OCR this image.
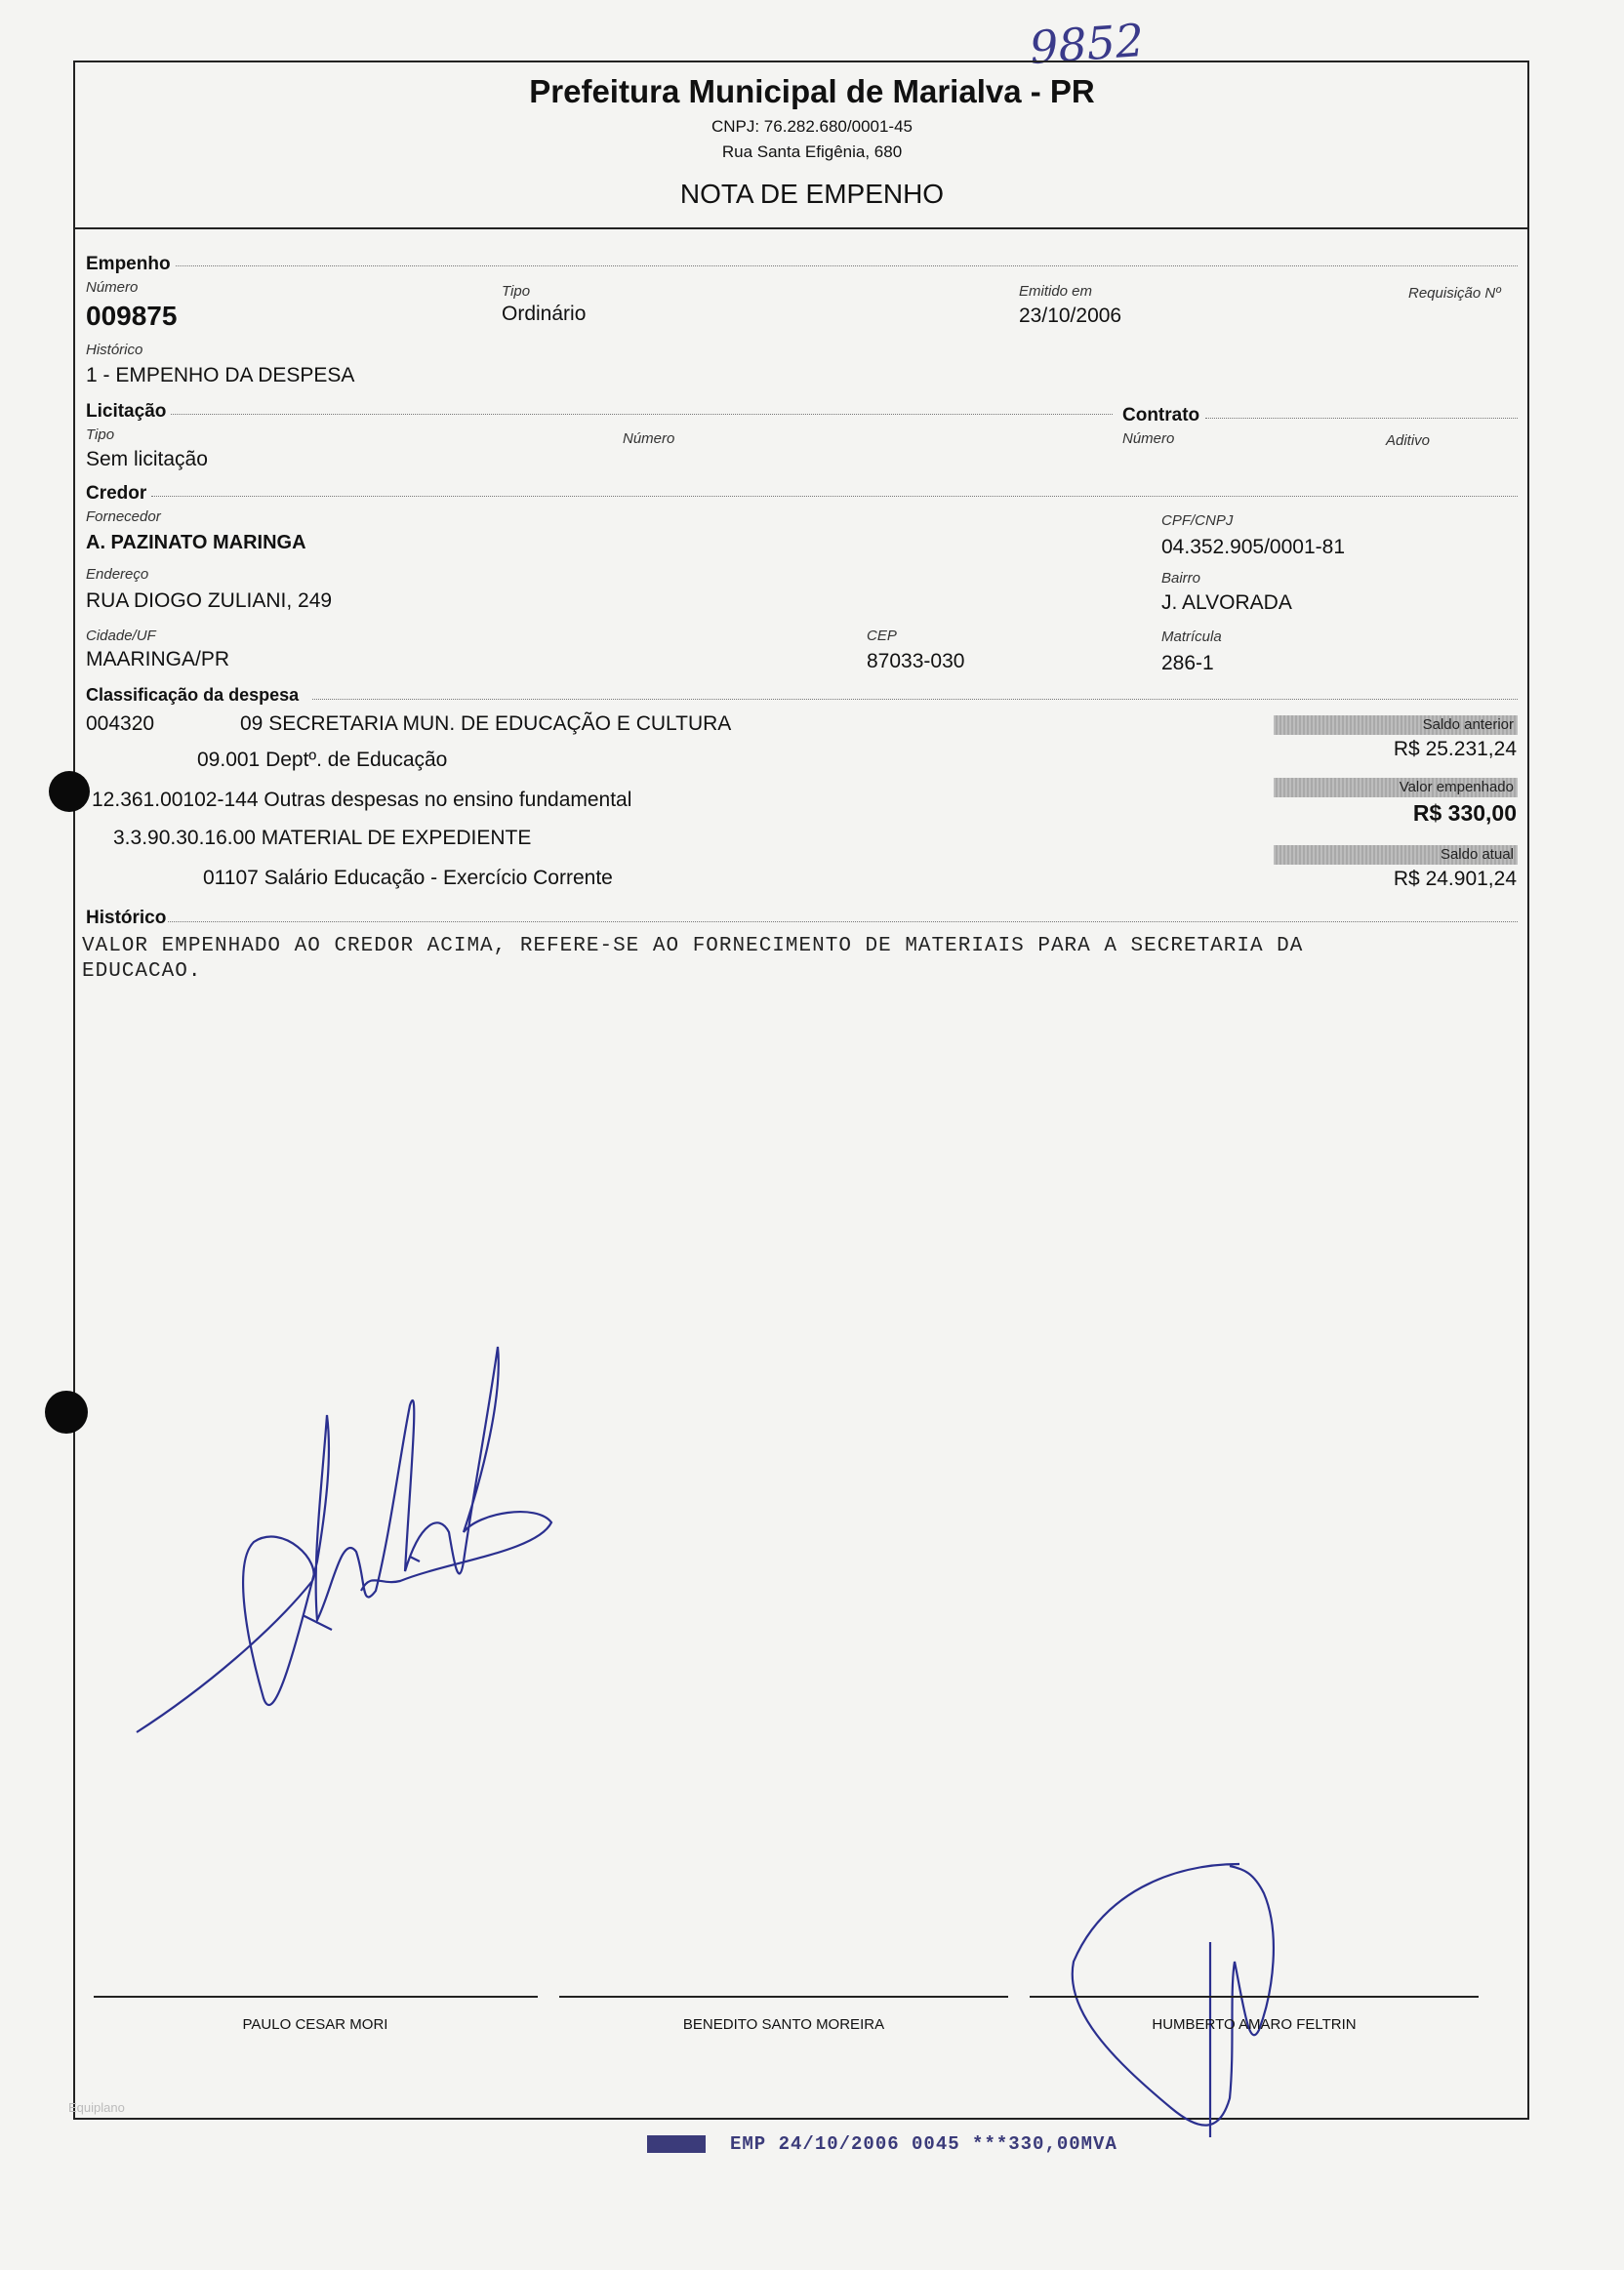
9852
Prefeitura Municipal de Marialva - PR
CNPJ: 76.282.680/0001-45
Rua Santa Efigênia, 680
NOTA DE EMPENHO
Empenho
Número
009875
Tipo
Ordinário
Emitido em
23/10/2006
Requisição Nº
Histórico
1 - EMPENHO DA DESPESA
Licitação	Contrato
Tipo
Sem licitação
Número	Número	Aditivo
Credor
Fornecedor
A. PAZINATO MARINGA
CPF/CNPJ
04.352.905/0001-81
Endereço
RUA DIOGO ZULIANI, 249
Bairro
J. ALVORADA
Cidade/UF
MAARINGA/PR
CEP
87033-030
Matrícula
286-1
Classificação da despesa
004320	09 SECRETARIA MUN. DE EDUCAÇÃO E CULTURA
09.001 Deptº. de Educação
12.361.00102-144 Outras despesas no ensino fundamental
3.3.90.30.16.00 MATERIAL DE EXPEDIENTE
01107 Salário Educação - Exercício Corrente
Saldo anterior
R$ 25.231,24
Valor empenhado
R$ 330,00
Saldo atual
R$ 24.901,24
Histórico
VALOR EMPENHADO AO CREDOR ACIMA, REFERE-SE AO FORNECIMENTO DE MATERIAIS PARA A SECRETARIA DA
EDUCACAO.
PAULO CESAR MORI	BENEDITO SANTO MOREIRA	HUMBERTO AMARO FELTRIN
Equiplano
EMP 24/10/2006 0045 ***330,00MVA
